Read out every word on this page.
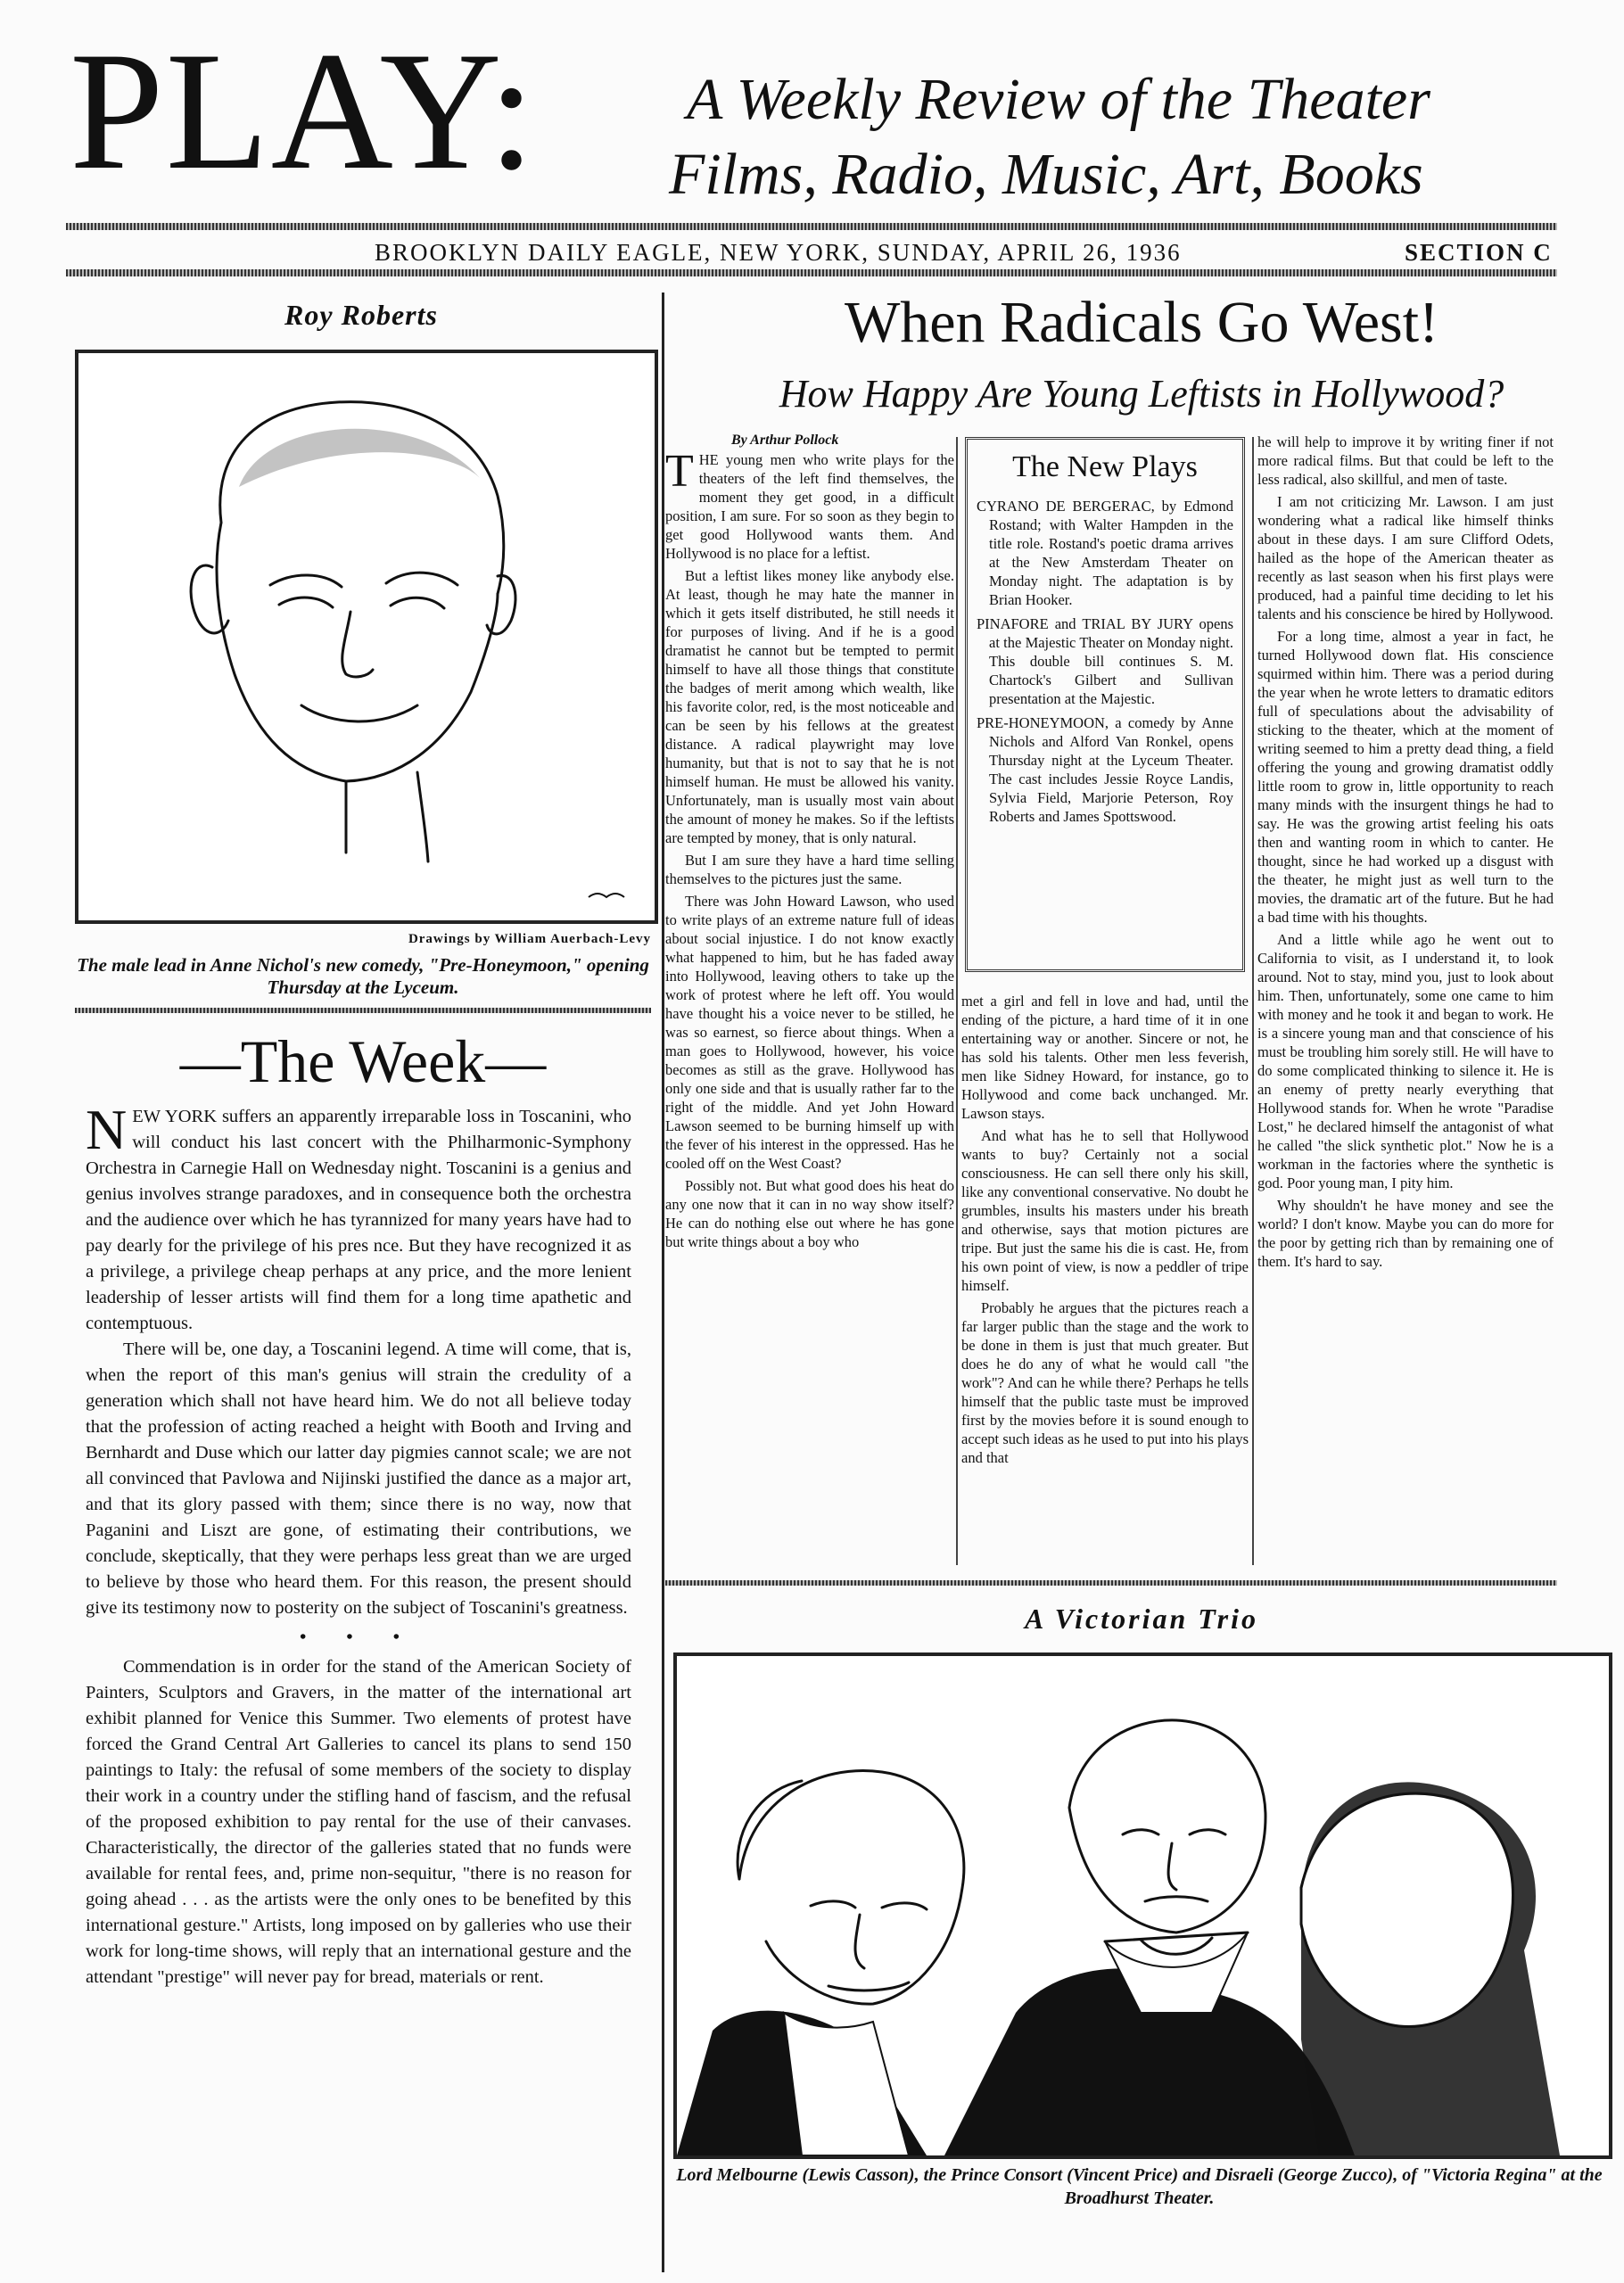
PLAY:	A Weekly Review of the Theater
Films, Radio, Music, Art, Books
BROOKLYN DAILY EAGLE, NEW YORK, SUNDAY, APRIL 26, 1936	SECTION C
Roy Roberts
Drawings by William Auerbach-Levy
The male lead in Anne Nichol's new comedy, "Pre-Honeymoon," opening Thursday at the Lyceum.
—The Week—

NEW YORK suffers an apparently irreparable loss in Toscanini, who will conduct his last concert with the Philharmonic-Symphony Orchestra in Carnegie Hall on Wednesday night. Toscanini is a genius and genius involves strange paradoxes, and in consequence both the orchestra and the audience over which he has tyrannized for many years have had to pay dearly for the privilege of his pres nce. But they have recognized it as a privilege, a privilege cheap perhaps at any price, and the more lenient leadership of lesser artists will find them for a long time apathetic and contemptuous.

There will be, one day, a Toscanini legend. A time will come, that is, when the report of this man's genius will strain the credulity of a generation which shall not have heard him. We do not all believe today that the profession of acting reached a height with Booth and Irving and Bernhardt and Duse which our latter day pigmies cannot scale; we are not all convinced that Pavlowa and Nijinski justified the dance as a major art, and that its glory passed with them; since there is no way, now that Paganini and Liszt are gone, of estimating their contributions, we conclude, skeptically, that they were perhaps less great than we are urged to believe by those who heard them. For this reason, the present should give its testimony now to posterity on the subject of Toscanini's greatness.

• • •

Commendation is in order for the stand of the American Society of Painters, Sculptors and Gravers, in the matter of the international art exhibit planned for Venice this Summer. Two elements of protest have forced the Grand Central Art Galleries to cancel its plans to send 150 paintings to Italy: the refusal of some members of the society to display their work in a country under the stifling hand of fascism, and the refusal of the proposed exhibition to pay rental for the use of their canvases. Characteristically, the director of the galleries stated that no funds were available for rental fees, and, prime non-sequitur, "there is no reason for going ahead . . . as the artists were the only ones to be benefited by this international gesture." Artists, long imposed on by galleries who use their work for long-time shows, will reply that an international gesture and the attendant "prestige" will never pay for bread, materials or rent.

When Radicals Go West!
How Happy Are Young Leftists in Hollywood?
By Arthur Pollock

THE young men who write plays for the theaters of the left find themselves, the moment they get good, in a difficult position, I am sure. For so soon as they begin to get good Hollywood wants them. And Hollywood is no place for a leftist.

But a leftist likes money like anybody else. At least, though he may hate the manner in which it gets itself distributed, he still needs it for purposes of living. And if he is a good dramatist he cannot but be tempted to permit himself to have all those things that constitute the badges of merit among which wealth, like his favorite color, red, is the most noticeable and can be seen by his fellows at the greatest distance. A radical playwright may love humanity, but that is not to say that he is not himself human. He must be allowed his vanity. Unfortunately, man is usually most vain about the amount of money he makes. So if the leftists are tempted by money, that is only natural.

But I am sure they have a hard time selling themselves to the pictures just the same.

There was John Howard Lawson, who used to write plays of an extreme nature full of ideas about social injustice. I do not know exactly what happened to him, but he has faded away into Hollywood, leaving others to take up the work of protest where he left off. You would have thought his a voice never to be stilled, he was so earnest, so fierce about things. When a man goes to Hollywood, however, his voice becomes as still as the grave. Hollywood has only one side and that is usually rather far to the right of the middle. And yet John Howard Lawson seemed to be burning himself up with the fever of his interest in the oppressed. Has he cooled off on the West Coast?

Possibly not. But what good does his heat do any one now that it can in no way show itself? He can do nothing else out where he has gone but write things about a boy who

The New Plays
CYRANO DE BERGERAC, by Edmond Rostand; with Walter Hampden in the title role. Rostand's poetic drama arrives at the New Amsterdam Theater on Monday night. The adaptation is by Brian Hooker.
PINAFORE and TRIAL BY JURY opens at the Majestic Theater on Monday night. This double bill continues S. M. Chartock's Gilbert and Sullivan presentation at the Majestic.
PRE-HONEYMOON, a comedy by Anne Nichols and Alford Van Ronkel, opens Thursday night at the Lyceum Theater. The cast includes Jessie Royce Landis, Sylvia Field, Marjorie Peterson, Roy Roberts and James Spottswood.

met a girl and fell in love and had, until the ending of the picture, a hard time of it in one entertaining way or another. Sincere or not, he has sold his talents. Other men less feverish, men like Sidney Howard, for instance, go to Hollywood and come back unchanged. Mr. Lawson stays.

And what has he to sell that Hollywood wants to buy? Certainly not a social consciousness. He can sell there only his skill, like any conventional conservative. No doubt he grumbles, insults his masters under his breath and otherwise, says that motion pictures are tripe. But just the same his die is cast. He, from his own point of view, is now a peddler of tripe himself.

Probably he argues that the pictures reach a far larger public than the stage and the work to be done in them is just that much greater. But does he do any of what he would call "the work"? And can he while there? Perhaps he tells himself that the public taste must be improved first by the movies before it is sound enough to accept such ideas as he used to put into his plays and that

he will help to improve it by writing finer if not more radical films. But that could be left to the less radical, also skillful, and men of taste.

I am not criticizing Mr. Lawson. I am just wondering what a radical like himself thinks about in these days. I am sure Clifford Odets, hailed as the hope of the American theater as recently as last season when his first plays were produced, had a painful time deciding to let his talents and his conscience be hired by Hollywood.

For a long time, almost a year in fact, he turned Hollywood down flat. His conscience squirmed within him. There was a period during the year when he wrote letters to dramatic editors full of speculations about the advisability of sticking to the theater, which at the moment of writing seemed to him a pretty dead thing, a field offering the young and growing dramatist oddly little room to grow in, little opportunity to reach many minds with the insurgent things he had to say. He was the growing artist feeling his oats then and wanting room in which to canter. He thought, since he had worked up a disgust with the theater, he might just as well turn to the movies, the dramatic art of the future. But he had a bad time with his thoughts.

And a little while ago he went out to California to visit, as I understand it, to look around. Not to stay, mind you, just to look about him. Then, unfortunately, some one came to him with money and he took it and began to work. He is a sincere young man and that conscience of his must be troubling him sorely still. He will have to do some complicated thinking to silence it. He is an enemy of pretty nearly everything that Hollywood stands for. When he wrote "Paradise Lost," he declared himself the antagonist of what he called "the slick synthetic plot." Now he is a workman in the factories where the synthetic is god. Poor young man, I pity him.

Why shouldn't he have money and see the world? I don't know. Maybe you can do more for the poor by getting rich than by remaining one of them. It's hard to say.

A Victorian Trio
Lord Melbourne (Lewis Casson), the Prince Consort (Vincent Price) and Disraeli (George Zucco), of "Victoria Regina" at the Broadhurst Theater.
